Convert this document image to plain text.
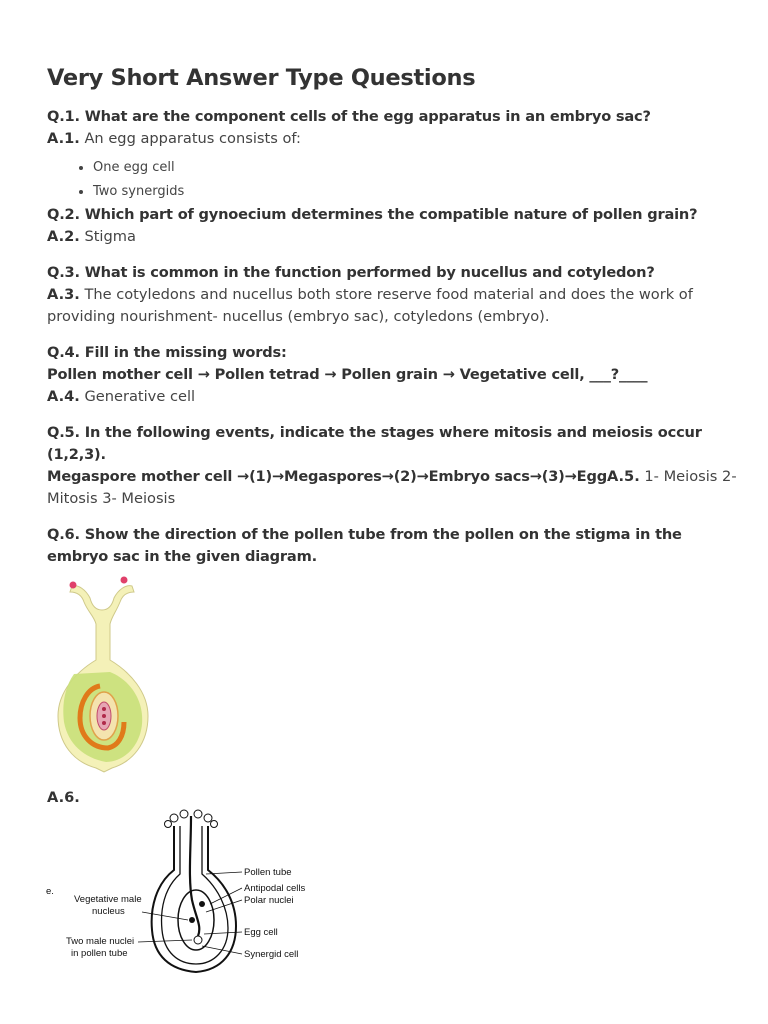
Very Short Answer Type Questions

Q.1. What are the component cells of the egg apparatus in an embryo sac?

A.1. An egg apparatus consists of:

• One egg cell
• Two synergids

Q.2. Which part of gynoecium determines the compatible nature of pollen grain?

A.2. Stigma

Q.3. What is common in the function performed by nucellus and cotyledon?

A.3. The cotyledons and nucellus both store reserve food material and does the work of providing nourishment- nucellus (embryo sac), cotyledons (embryo).

Q.4. Fill in the missing words:

Pollen mother cell → Pollen tetrad → Pollen grain → Vegetative cell, ___?____

A.4. Generative cell

Q.5. In the following events, indicate the stages where mitosis and meiosis occur (1,2,3).

Megaspore mother cell →(1)→Megaspores→(2)→Embryo sacs→(3)→EggA.5. 1- Meiosis 2- Mitosis 3- Meiosis

Q.6. Show the direction of the pollen tube from the pollen on the stigma in the embryo sac in the given diagram.

A.6.
Pollen tube
Antipodal cells
Polar nuclei
Egg cell
Synergid cell
Vegetative male
nucleus
Two male nuclei
in pollen tube
e.
